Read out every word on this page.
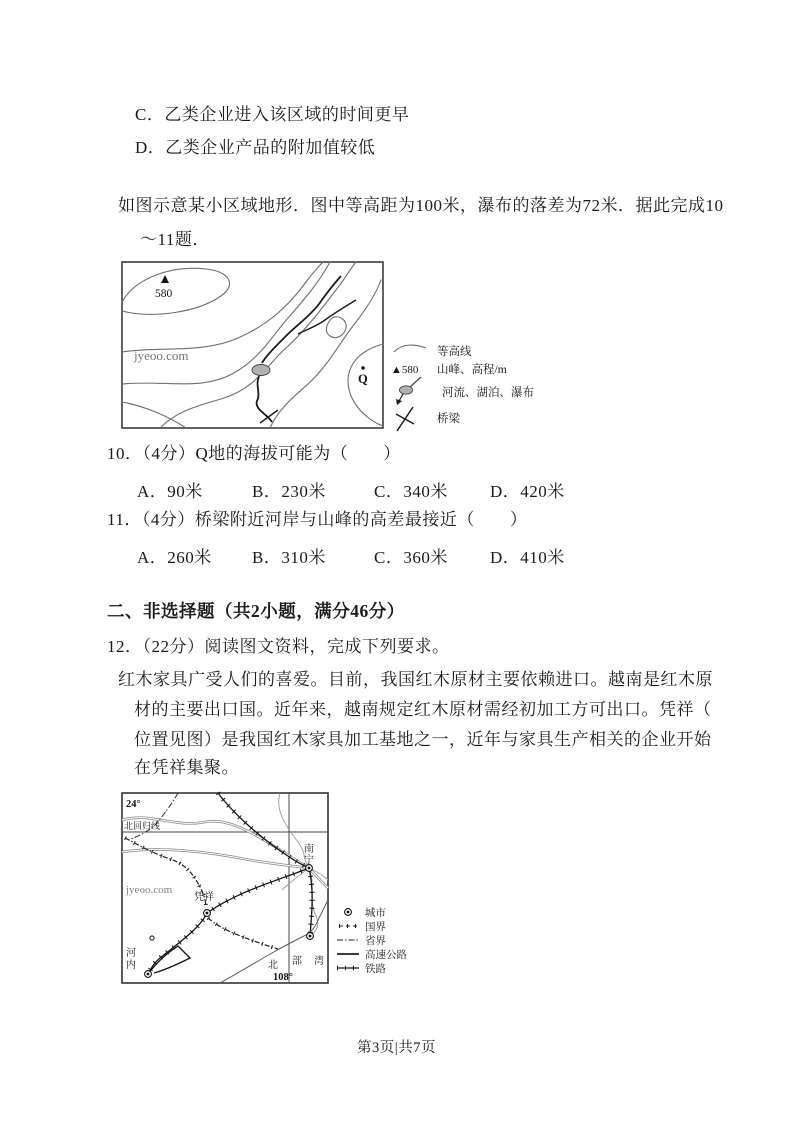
C．乙类企业进入该区域的时间更早
D．乙类企业产品的附加值较低
如图示意某小区域地形．图中等高距为100米，瀑布的落差为72米．据此完成10
～11题．
jyeoo.com
580
Q
等高线
▲580 山峰、高程/m
河流、湖泊、瀑布
桥梁
10．（4分）Q地的海拔可能为（　　）
A．90米	B．230米	C．340米 D．420米
11．（4分）桥梁附近河岸与山峰的高差最接近（　　）
A．260米 B．310米	C．360米 D．410米
二、非选择题（共2小题，满分46分）
12．（22分）阅读图文资料，完成下列要求。
红木家具广受人们的喜爱。目前，我国红木原材主要依赖进口。越南是红木原
材的主要出口国。近年来，越南规定红木原材需经初加工方可出口。凭祥（
位置见图）是我国红木家具加工基地之一，近年与家具生产相关的企业开始
在凭祥集聚。
jyeoo.com
24°
北回归线
南
宁
凭祥
河
内	北 部 湾
108°
城市
国界
省界
高速公路
铁路
第3页|共7页
